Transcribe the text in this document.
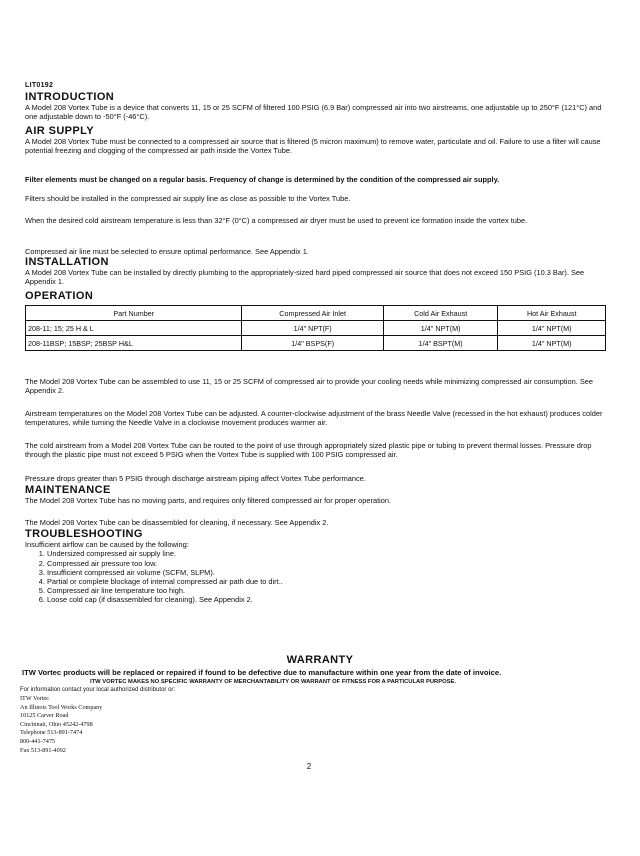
LIT0192
INTRODUCTION

A Model 208 Vortex Tube is a device that converts 11, 15 or 25 SCFM of filtered 100 PSIG (6.9 Bar) compressed air into two airstreams, one adjustable up to 250°F (121°C) and one adjustable down to -50°F (-46°C).

AIR SUPPLY

A Model 208 Vortex Tube must be connected to a compressed air source that is filtered (5 micron maximum) to remove water, particulate and oil. Failure to use a filter will cause potential freezing and clogging of the compressed air path inside the Vortex Tube.

Filter elements must be changed on a regular basis. Frequency of change is determined by the condition of the compressed air supply.

Filters should be installed in the compressed air supply line as close as possible to the Vortex Tube.

When the desired cold airstream temperature is less than 32°F (0°C) a compressed air dryer must be used to prevent ice formation inside the vortex tube.

Compressed air line must be selected to ensure optimal performance. See Appendix 1.

INSTALLATION

A Model 208 Vortex Tube can be installed by directly plumbing to the appropriately-sized hard piped compressed air source that does not exceed 150 PSIG (10.3 Bar). See Appendix 1.

OPERATION
Part Number	Compressed Air Inlet	Cold Air Exhaust	Hot Air Exhaust
208-11; 15; 25 H & L	1/4" NPT(F)	1/4" NPT(M)	1/4" NPT(M)
208-11BSP; 15BSP; 25BSP H&L	1/4" BSPS(F)	1/4" BSPT(M)	1/4" NPT(M)

The Model 208 Vortex Tube can be assembled to use 11, 15 or 25 SCFM of compressed air to provide your cooling needs while minimizing compressed air consumption. See Appendix 2.

Airstream temperatures on the Model 208 Vortex Tube can be adjusted. A counter-clockwise adjustment of the brass Needle Valve (recessed in the hot exhaust) produces colder temperatures, while turning the Needle Valve in a clockwise movement produces warmer air.

The cold airstream from a Model 208 Vortex Tube can be routed to the point of use through appropriately sized plastic pipe or tubing to prevent thermal losses. Pressure drop through the plastic pipe must not exceed 5 PSIG when the Vortex Tube is supplied with 100 PSIG compressed air.

Pressure drops greater than 5 PSIG through discharge airstream piping affect Vortex Tube performance.

MAINTENANCE

The Model 208 Vortex Tube has no moving parts, and requires only filtered compressed air for proper operation.

The Model 208 Vortex Tube can be disassembled for cleaning, if necessary. See Appendix 2.

TROUBLESHOOTING

Insufficient airflow can be caused by the following:

1. Undersized compressed air supply line.
2. Compressed air pressure too low.
3. Insufficient compressed air volume (SCFM, SLPM).
4. Partial or complete blockage of internal compressed air path due to dirt..
5. Compressed air line temperature too high.
6. Loose cold cap (if disassembled for cleaning). See Appendix 2.
WARRANTY
ITW Vortec products will be replaced or repaired if found to be defective due to manufacture within one year from the date of invoice.
ITW VORTEC MAKES NO SPECIFIC WARRANTY OF MERCHANTABILITY OR WARRANT OF FITNESS FOR A PARTICULAR PURPOSE.
For information contact your local authorized distributor or:
ITW Vortec
An Illinois Tool Works Company
10125 Carver Road
Cincinnati, Ohio 45242-4798
Telephone 513-891-7474
800-441-7475
Fax 513-891-4092
2
